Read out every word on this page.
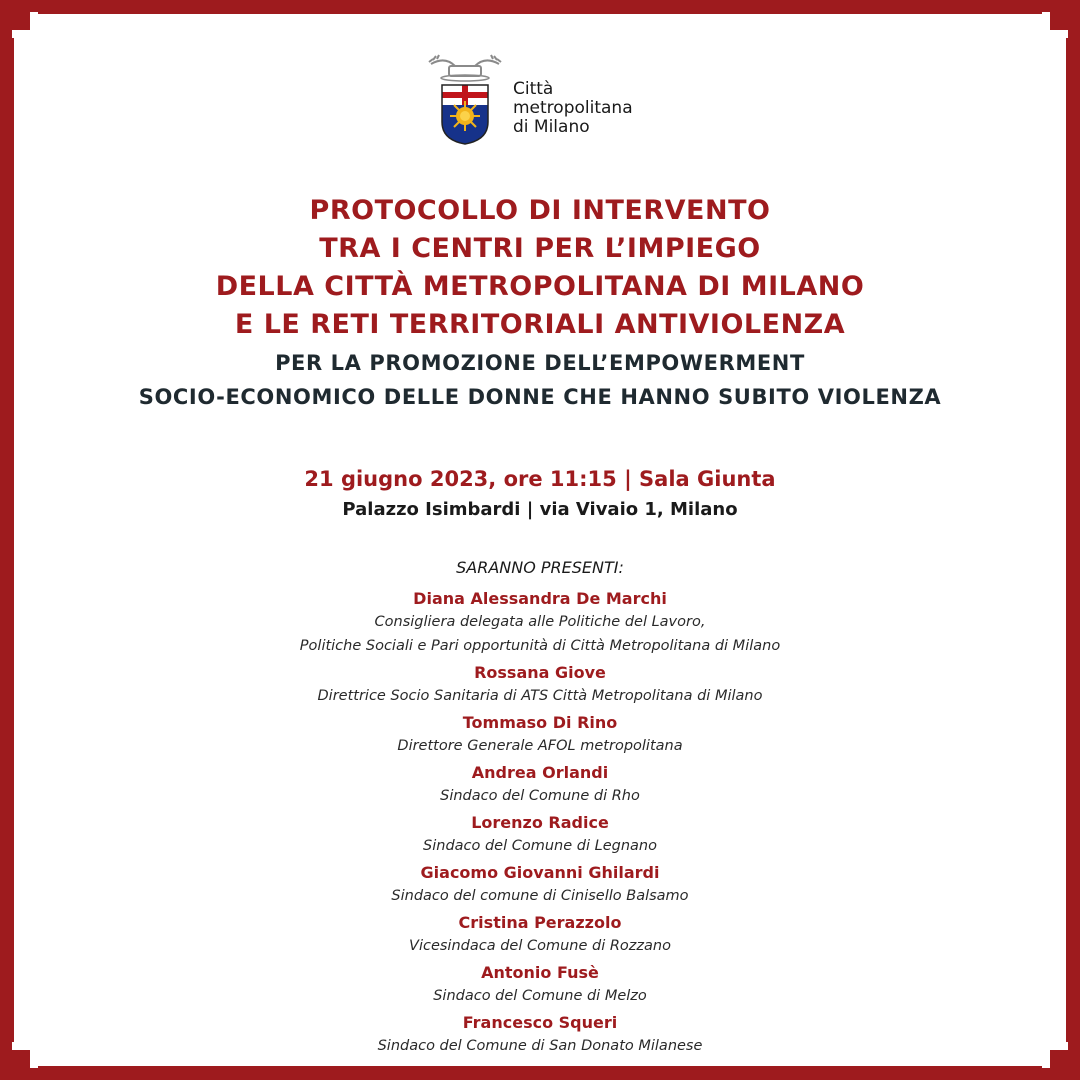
Città
metropolitana
di Milano
PROTOCOLLO DI INTERVENTO
TRA I CENTRI PER L’IMPIEGO
DELLA CITTÀ METROPOLITANA DI MILANO
E LE RETI TERRITORIALI ANTIVIOLENZA
PER LA PROMOZIONE DELL’EMPOWERMENT
SOCIO-ECONOMICO DELLE DONNE CHE HANNO SUBITO VIOLENZA
21 giugno 2023, ore 11:15 | Sala Giunta
Palazzo Isimbardi | via Vivaio 1, Milano
SARANNO PRESENTI:
Diana Alessandra De Marchi
Consigliera delegata alle Politiche del Lavoro,
Politiche Sociali e Pari opportunità di Città Metropolitana di Milano
Rossana Giove
Direttrice Socio Sanitaria di ATS Città Metropolitana di Milano
Tommaso Di Rino
Direttore Generale AFOL metropolitana
Andrea Orlandi
Sindaco del Comune di Rho
Lorenzo Radice
Sindaco del Comune di Legnano
Giacomo Giovanni Ghilardi
Sindaco del comune di Cinisello Balsamo
Cristina Perazzolo
Vicesindaca del Comune di Rozzano
Antonio Fusè
Sindaco del Comune di Melzo
Francesco Squeri
Sindaco del Comune di San Donato Milanese
